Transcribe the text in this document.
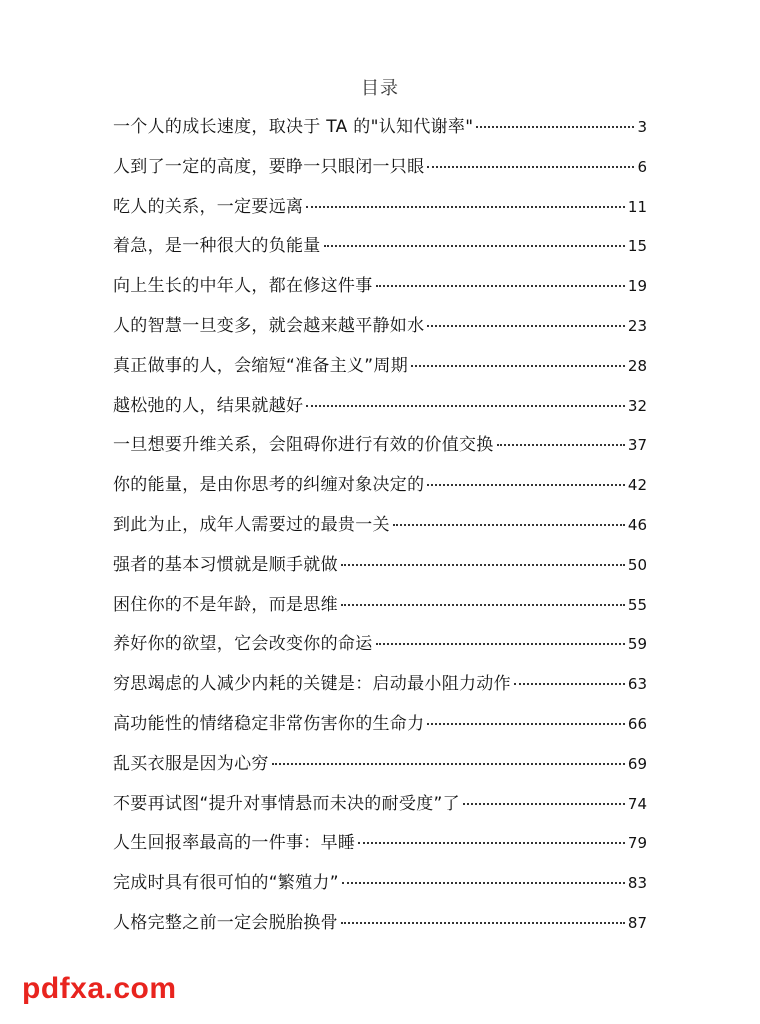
目录
一个人的成长速度，取决于 TA 的"认知代谢率"	3
人到了一定的高度，要睁一只眼闭一只眼	6
吃人的关系，一定要远离	11
着急，是一种很大的负能量	15
向上生长的中年人，都在修这件事	19
人的智慧一旦变多，就会越来越平静如水	23
真正做事的人，会缩短“准备主义”周期	28
越松弛的人，结果就越好	32
一旦想要升维关系，会阻碍你进行有效的价值交换	37
你的能量，是由你思考的纠缠对象决定的	42
到此为止，成年人需要过的最贵一关	46
强者的基本习惯就是顺手就做	50
困住你的不是年龄，而是思维	55
养好你的欲望，它会改变你的命运	59
穷思竭虑的人减少内耗的关键是：启动最小阻力动作	63
高功能性的情绪稳定非常伤害你的生命力	66
乱买衣服是因为心穷	69
不要再试图“提升对事情悬而未决的耐受度”了	74
人生回报率最高的一件事：早睡	79
完成时具有很可怕的“繁殖力”	83
人格完整之前一定会脱胎换骨	87
pdfxa.com
